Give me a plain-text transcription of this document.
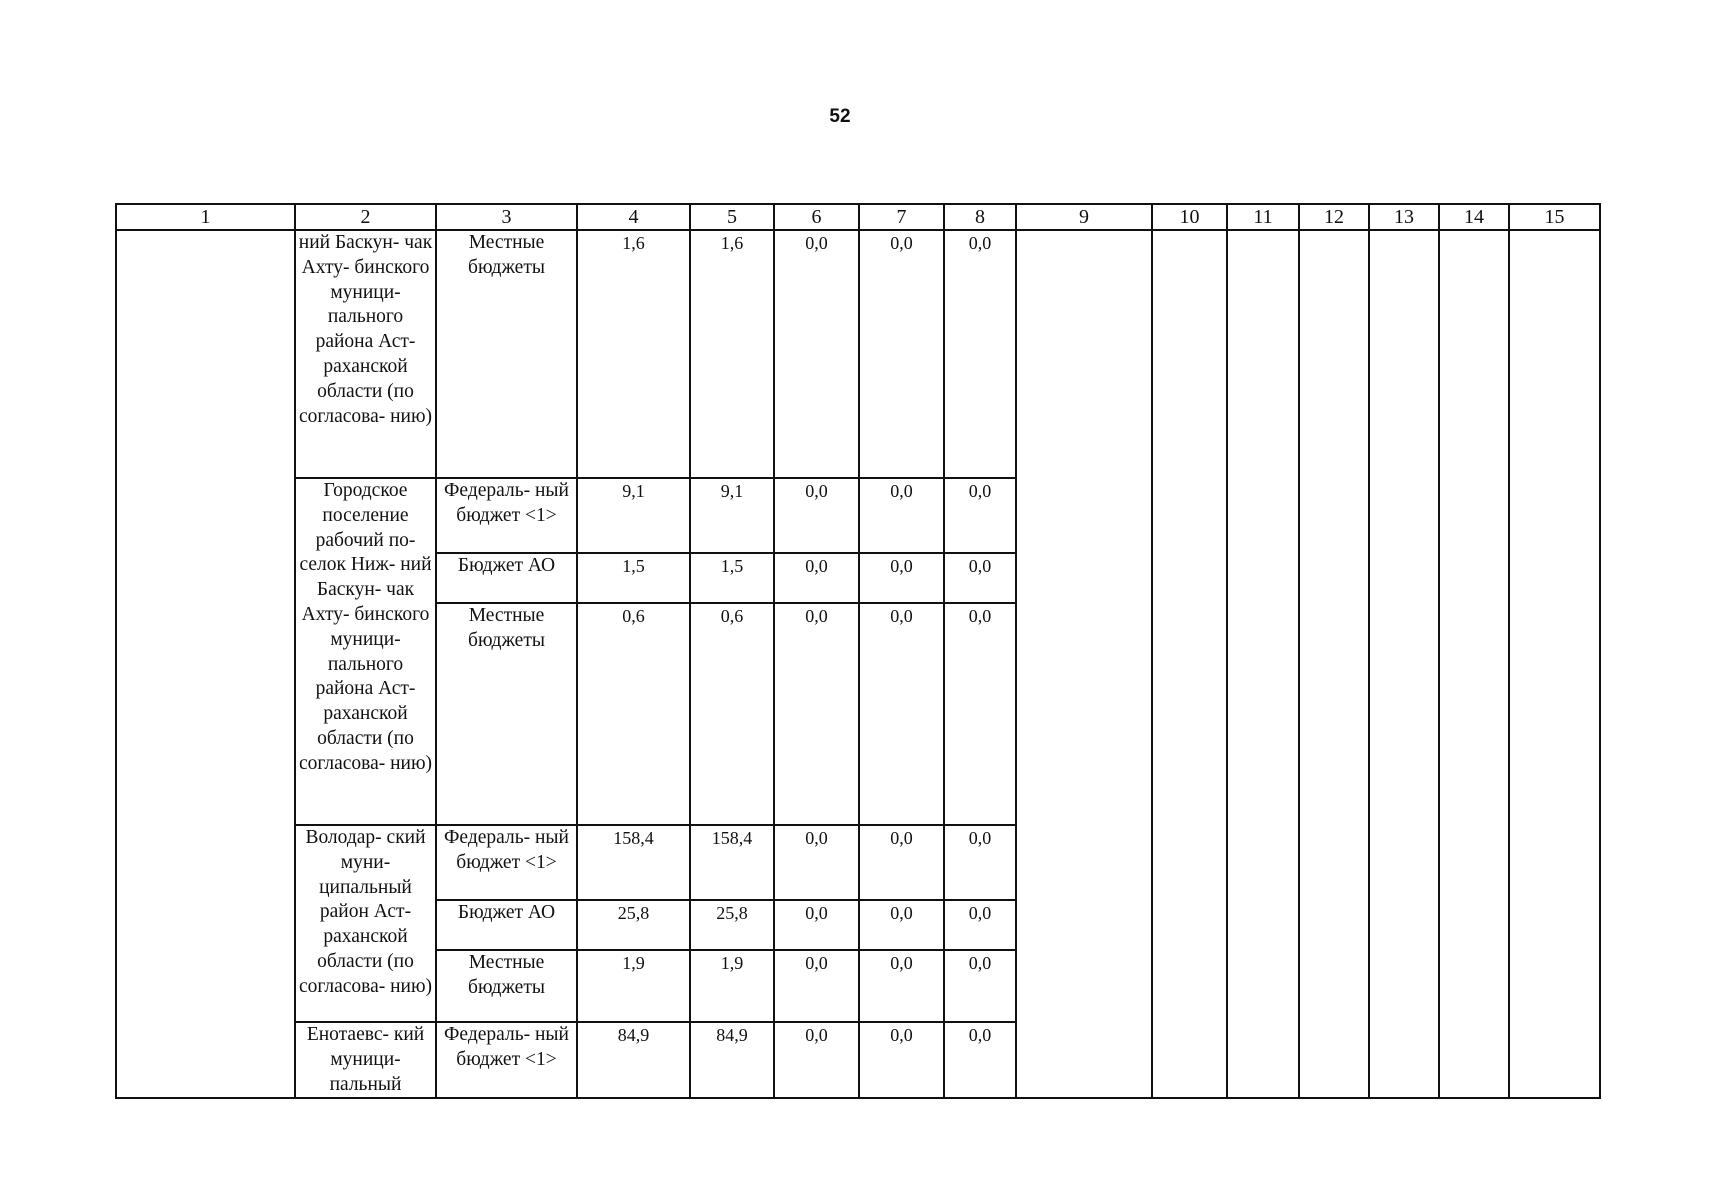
52
1	2	3	4	5	6	7	8	9	10	11	12	13	14	15
	ний Баскун- чак Ахту- бинского муници- пального района Аст- раханской области (по согласова- нию)	Местные бюджеты	1,6	1,6	0,0	0,0	0,0							
	Городское поселение рабочий по- селок Ниж- ний Баскун- чак Ахту- бинского муници- пального района Аст- раханской области (по согласова- нию)	Федераль- ный бюджет <1>	9,1	9,1	0,0	0,0	0,0							
		Бюджет АО	1,5	1,5	0,0	0,0	0,0							
		Местные бюджеты	0,6	0,6	0,0	0,0	0,0							
	Володар- ский муни- ципальный район Аст- раханской области (по согласова- нию)	Федераль- ный бюджет <1>	158,4	158,4	0,0	0,0	0,0							
		Бюджет АО	25,8	25,8	0,0	0,0	0,0							
		Местные бюджеты	1,9	1,9	0,0	0,0	0,0							
	Енотаевс- кий муници- пальный	Федераль- ный бюджет <1>	84,9	84,9	0,0	0,0	0,0							
